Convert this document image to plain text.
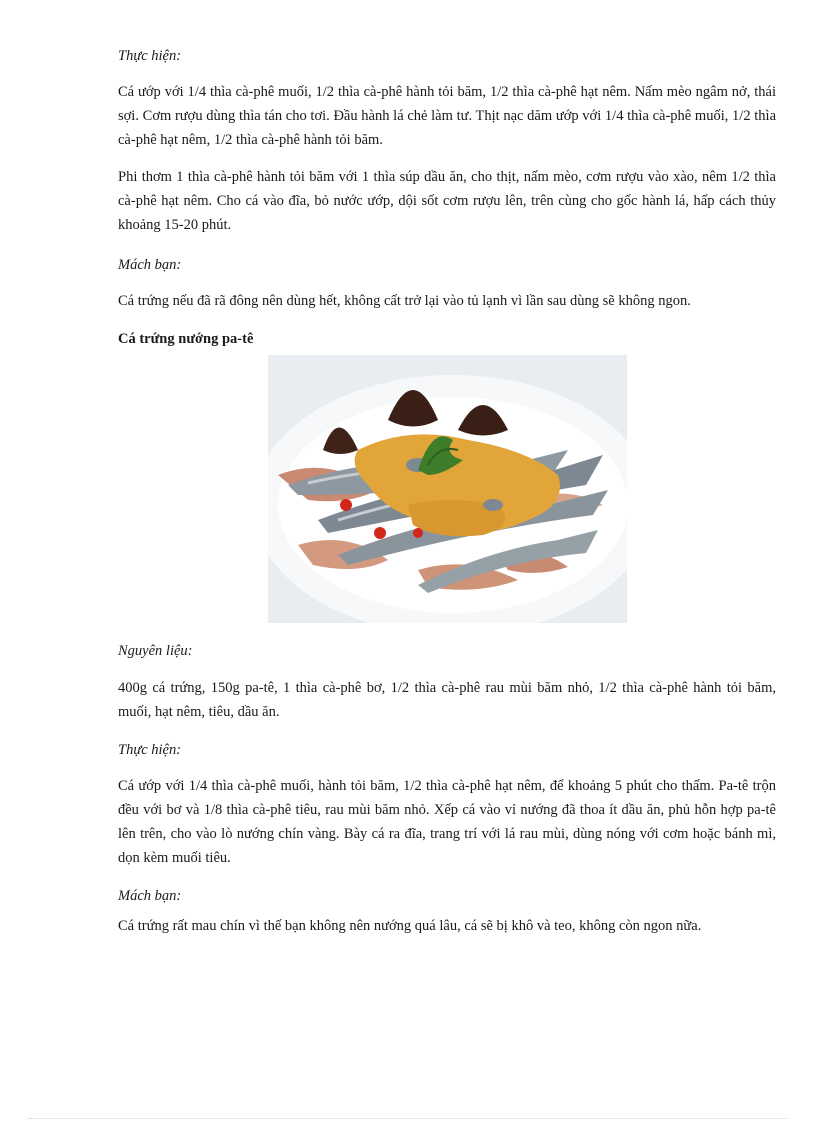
Thực hiện:

Cá ướp với 1/4 thìa cà-phê muối, 1/2 thìa cà-phê hành tỏi băm, 1/2 thìa cà-phê hạt nêm. Nấm mèo ngâm nở, thái sợi. Cơm rượu dùng thìa tán cho tơi. Đầu hành lá chẻ làm tư. Thịt nạc dăm ướp với 1/4 thìa cà-phê muối, 1/2 thìa cà-phê hạt nêm, 1/2 thìa cà-phê hành tỏi băm.

Phi thơm 1 thìa cà-phê hành tỏi băm với 1 thìa súp dầu ăn, cho thịt, nấm mèo, cơm rượu vào xào, nêm 1/2 thìa cà-phê hạt nêm. Cho cá vào đĩa, bỏ nước ướp, dội sốt cơm rượu lên, trên cùng cho gốc hành lá, hấp cách thủy khoảng 15-20 phút.

Mách bạn:

Cá trứng nếu đã rã đông nên dùng hết, không cất trở lại vào tủ lạnh vì lần sau dùng sẽ không ngon.

Cá trứng nướng pa-tê

Nguyên liệu:

400g cá trứng, 150g pa-tê, 1 thìa cà-phê bơ, 1/2 thìa cà-phê rau mùi băm nhỏ, 1/2 thìa cà-phê hành tỏi băm, muối, hạt nêm, tiêu, dầu ăn.

Thực hiện:

Cá ướp với 1/4 thìa cà-phê muối, hành tỏi băm, 1/2 thìa cà-phê hạt nêm, để khoảng 5 phút cho thấm. Pa-tê trộn đều với bơ và 1/8 thìa cà-phê tiêu, rau mùi băm nhỏ. Xếp cá vào vỉ nướng đã thoa ít dầu ăn, phủ hỗn hợp pa-tê lên trên, cho vào lò nướng chín vàng. Bày cá ra đĩa, trang trí với lá rau mùi, dùng nóng với cơm hoặc bánh mì, dọn kèm muối tiêu.

Mách bạn:

Cá trứng rất mau chín vì thế bạn không nên nướng quá lâu, cá sẽ bị khô và teo, không còn ngon nữa.
